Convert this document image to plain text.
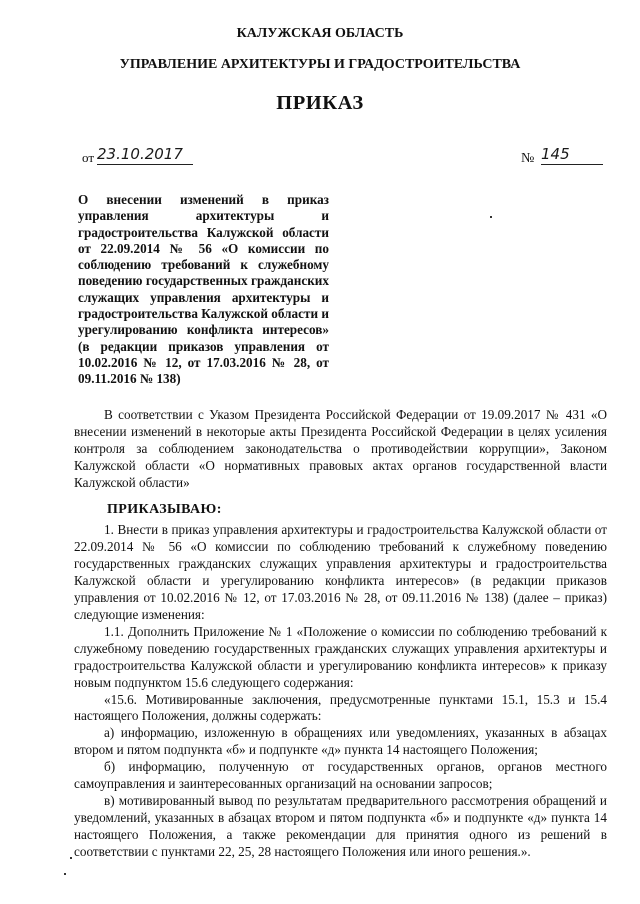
КАЛУЖСКАЯ ОБЛАСТЬ
УПРАВЛЕНИЕ АРХИТЕКТУРЫ И ГРАДОСТРОИТЕЛЬСТВА
ПРИКАЗ
от 23.10.2017	№ 145
О внесении изменений в приказ управления архитектуры и градостроительства Калужской области от 22.09.2014 № 56 «О комиссии по соблюдению требований к служебному поведению государственных гражданских служащих управления архитектуры и градостроительства Калужской области и урегулированию конфликта интересов» (в редакции приказов управления от 10.02.2016 № 12, от 17.03.2016 № 28, от 09.11.2016 № 138)

В соответствии с Указом Президента Российской Федерации от 19.09.2017 № 431 «О внесении изменений в некоторые акты Президента Российской Федерации в целях усиления контроля за соблюдением законодательства о противодействии коррупции», Законом Калужской области «О нормативных правовых актах органов государственной власти Калужской области»

ПРИКАЗЫВАЮ:

1. Внести в приказ управления архитектуры и градостроительства Калужской области от 22.09.2014 № 56 «О комиссии по соблюдению требований к служебному поведению государственных гражданских служащих управления архитектуры и градостроительства Калужской области и урегулированию конфликта интересов» (в редакции приказов управления от 10.02.2016 № 12, от 17.03.2016 № 28, от 09.11.2016 № 138) (далее – приказ) следующие изменения:

1.1. Дополнить Приложение № 1 «Положение о комиссии по соблюдению требований к служебному поведению государственных гражданских служащих управления архитектуры и градостроительства Калужской области и урегулированию конфликта интересов» к приказу новым подпунктом 15.6 следующего содержания:

«15.6. Мотивированные заключения, предусмотренные пунктами 15.1, 15.3 и 15.4 настоящего Положения, должны содержать:

а) информацию, изложенную в обращениях или уведомлениях, указанных в абзацах втором и пятом подпункта «б» и подпункте «д» пункта 14 настоящего Положения;

б) информацию, полученную от государственных органов, органов местного самоуправления и заинтересованных организаций на основании запросов;

в) мотивированный вывод по результатам предварительного рассмотрения обращений и уведомлений, указанных в абзацах втором и пятом подпункта «б» и подпункте «д» пункта 14 настоящего Положения, а также рекомендации для принятия одного из решений в соответствии с пунктами 22, 25, 28 настоящего Положения или иного решения.».
